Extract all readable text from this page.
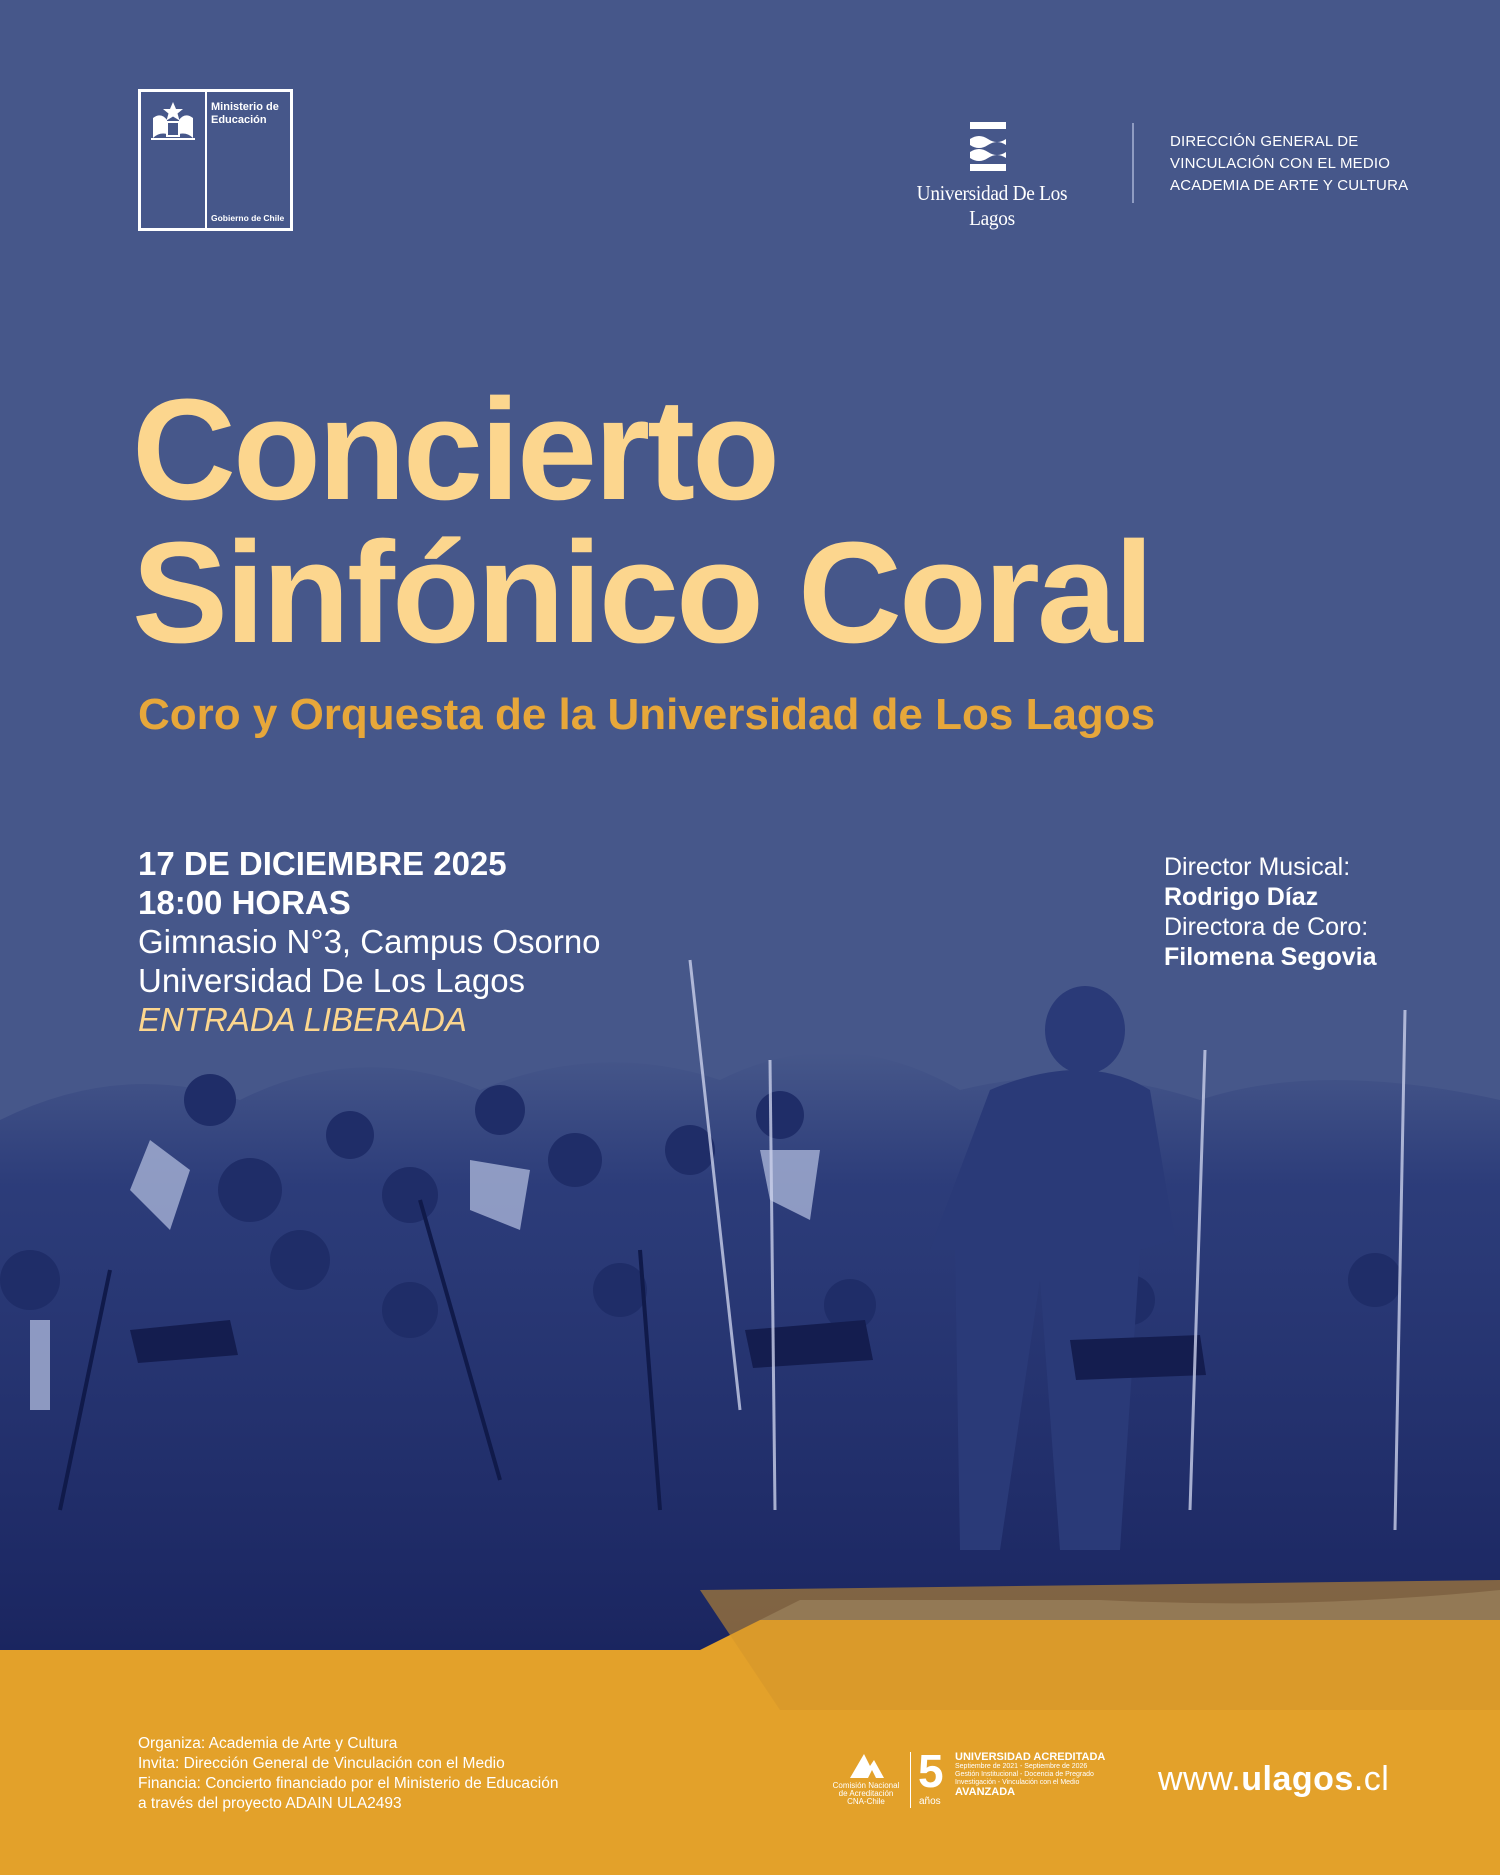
Ministerio de Educación
Gobierno de Chile
Universidad De Los Lagos
DIRECCIÓN GENERAL DE
VINCULACIÓN CON EL MEDIO
ACADEMIA DE ARTE Y CULTURA
Concierto
Sinfónico Coral
Coro y Orquesta de la Universidad de Los Lagos
17 DE DICIEMBRE 2025
18:00 HORAS
Gimnasio N°3, Campus Osorno
Universidad De Los Lagos
ENTRADA LIBERADA
Director Musical:
Rodrigo Díaz
Directora de Coro:
Filomena Segovia
Organiza: Academia de Arte y Cultura
Invita: Dirección General de Vinculación con el Medio
Financia: Concierto financiado por el Ministerio de Educación
a través del proyecto ADAIN ULA2493
Comisión Nacional
de Acreditación
CNA-Chile
5
años
UNIVERSIDAD ACREDITADA
Septiembre de 2021 - Septiembre de 2026
Gestión Institucional - Docencia de Pregrado
Investigación - Vinculación con el Medio
AVANZADA	www.ulagos.cl
